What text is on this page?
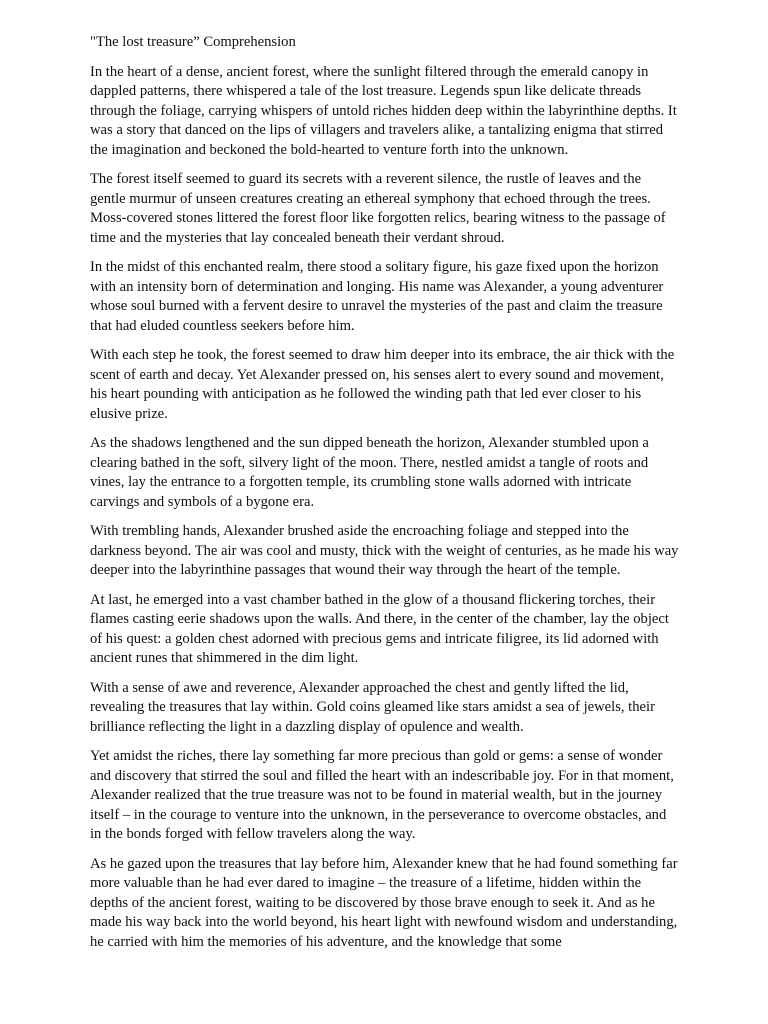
"The lost treasure” Comprehension

In the heart of a dense, ancient forest, where the sunlight filtered through the emerald canopy in dappled patterns, there whispered a tale of the lost treasure. Legends spun like delicate threads through the foliage, carrying whispers of untold riches hidden deep within the labyrinthine depths. It was a story that danced on the lips of villagers and travelers alike, a tantalizing enigma that stirred the imagination and beckoned the bold-hearted to venture forth into the unknown.

The forest itself seemed to guard its secrets with a reverent silence, the rustle of leaves and the gentle murmur of unseen creatures creating an ethereal symphony that echoed through the trees. Moss-covered stones littered the forest floor like forgotten relics, bearing witness to the passage of time and the mysteries that lay concealed beneath their verdant shroud.

In the midst of this enchanted realm, there stood a solitary figure, his gaze fixed upon the horizon with an intensity born of determination and longing. His name was Alexander, a young adventurer whose soul burned with a fervent desire to unravel the mysteries of the past and claim the treasure that had eluded countless seekers before him.

With each step he took, the forest seemed to draw him deeper into its embrace, the air thick with the scent of earth and decay. Yet Alexander pressed on, his senses alert to every sound and movement, his heart pounding with anticipation as he followed the winding path that led ever closer to his elusive prize.

As the shadows lengthened and the sun dipped beneath the horizon, Alexander stumbled upon a clearing bathed in the soft, silvery light of the moon. There, nestled amidst a tangle of roots and vines, lay the entrance to a forgotten temple, its crumbling stone walls adorned with intricate carvings and symbols of a bygone era.

With trembling hands, Alexander brushed aside the encroaching foliage and stepped into the darkness beyond. The air was cool and musty, thick with the weight of centuries, as he made his way deeper into the labyrinthine passages that wound their way through the heart of the temple.

At last, he emerged into a vast chamber bathed in the glow of a thousand flickering torches, their flames casting eerie shadows upon the walls. And there, in the center of the chamber, lay the object of his quest: a golden chest adorned with precious gems and intricate filigree, its lid adorned with ancient runes that shimmered in the dim light.

With a sense of awe and reverence, Alexander approached the chest and gently lifted the lid, revealing the treasures that lay within. Gold coins gleamed like stars amidst a sea of jewels, their brilliance reflecting the light in a dazzling display of opulence and wealth.

Yet amidst the riches, there lay something far more precious than gold or gems: a sense of wonder and discovery that stirred the soul and filled the heart with an indescribable joy. For in that moment, Alexander realized that the true treasure was not to be found in material wealth, but in the journey itself – in the courage to venture into the unknown, in the perseverance to overcome obstacles, and in the bonds forged with fellow travelers along the way.

As he gazed upon the treasures that lay before him, Alexander knew that he had found something far more valuable than he had ever dared to imagine – the treasure of a lifetime, hidden within the depths of the ancient forest, waiting to be discovered by those brave enough to seek it. And as he made his way back into the world beyond, his heart light with newfound wisdom and understanding, he carried with him the memories of his adventure, and the knowledge that some
